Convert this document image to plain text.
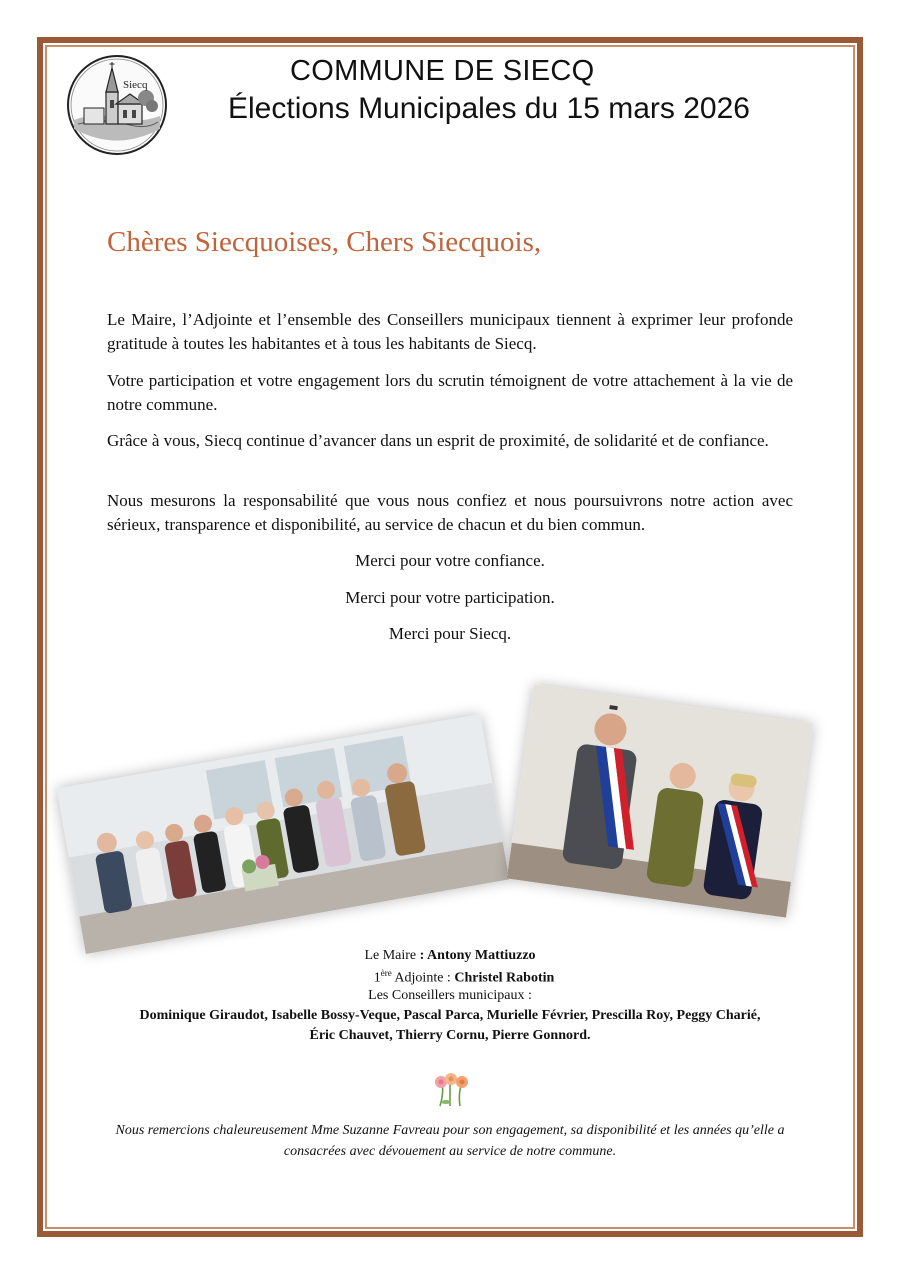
Siecq	COMMUNE DE SIECQ
Élections Municipales du 15 mars 2026
Chères Siecquoises, Chers Siecquois,

Le Maire, l’Adjointe et l’ensemble des Conseillers municipaux tiennent à exprimer leur profonde gratitude à toutes les habitantes et à tous les habitants de Siecq.

Votre participation et votre engagement lors du scrutin témoignent de votre attachement à la vie de notre commune.

Grâce à vous, Siecq continue d’avancer dans un esprit de proximité, de solidarité et de confiance.

Nous mesurons la responsabilité que vous nous confiez et nous poursuivrons notre action avec sérieux, transparence et disponibilité, au service de chacun et du bien commun.

Merci pour votre confiance.
Merci pour votre participation.
Merci pour Siecq.
Le Maire : Antony Mattiuzzo
1ère Adjointe : Christel Rabotin
Les Conseillers municipaux :
Dominique Giraudot, Isabelle Bossy-Veque, Pascal Parca, Murielle Février, Prescilla Roy, Peggy Charié,
Éric Chauvet, Thierry Cornu, Pierre Gonnord.

Nous remercions chaleureusement Mme Suzanne Favreau pour son engagement, sa disponibilité et les années qu’elle a consacrées avec dévouement au service de notre commune.
